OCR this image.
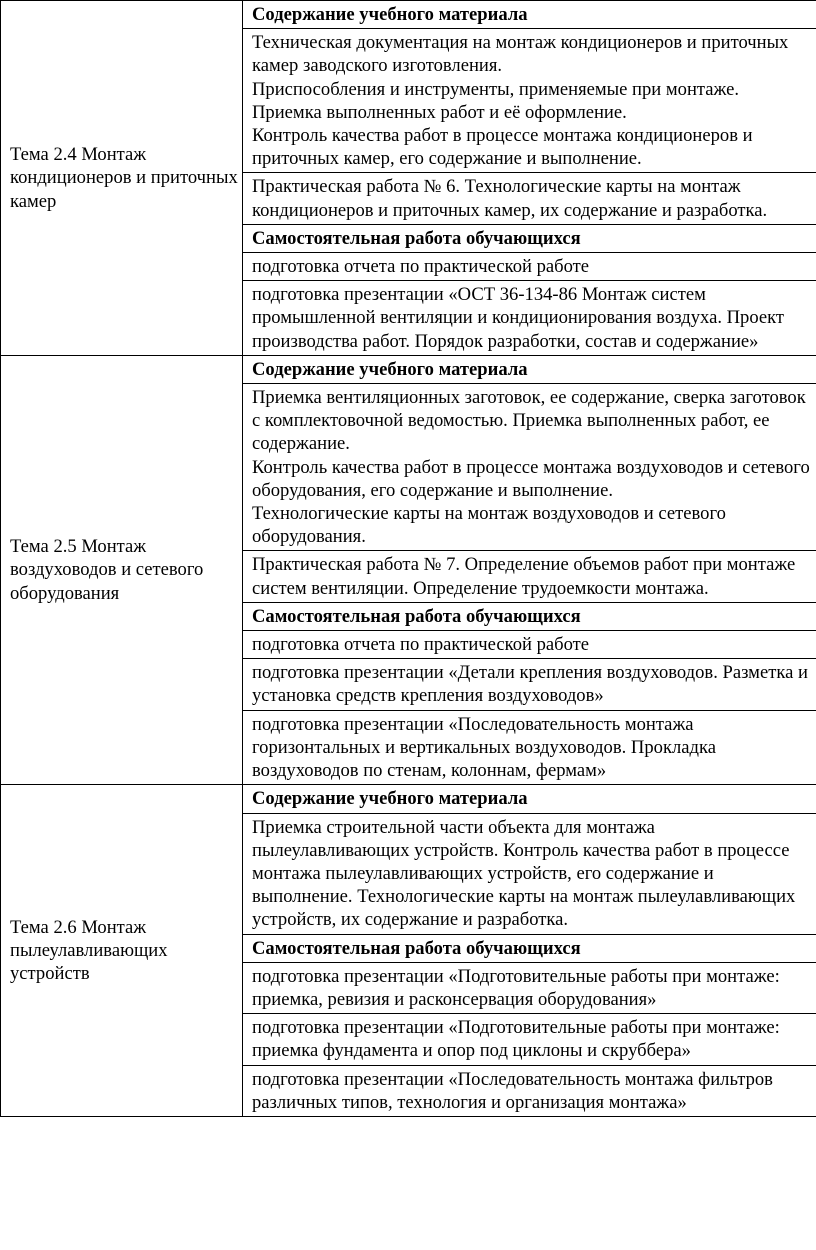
Тема 2.4 Монтаж кондиционеров и приточных камер	Содержание учебного материала
	Техническая документация на монтаж кондиционеров и приточных камер заводского изготовления.
Приспособления и инструменты, применяемые при монтаже.
Приемка выполненных работ и её оформление.
Контроль качества работ в процессе монтажа кондиционеров и приточных камер, его содержание и выполнение.
	Практическая работа № 6. Технологические карты на монтаж кондиционеров и приточных камер, их содержание и разработка.
	Самостоятельная работа обучающихся
	подготовка отчета по практической работе
	подготовка презентации «ОСТ 36-134-86 Монтаж систем промышленной вентиляции и кондиционирования воздуха. Проект производства работ. Порядок разработки, состав и содержание»
Тема 2.5 Монтаж воздуховодов и сетевого оборудования	Содержание учебного материала
	Приемка вентиляционных заготовок, ее содержание, сверка заготовок с комплектовочной ведомостью. Приемка выполненных работ, ее содержание.
Контроль качества работ в процессе монтажа воздуховодов и сетевого оборудования, его содержание и выполнение.
Технологические карты на монтаж воздуховодов и сетевого оборудования.
	Практическая работа № 7. Определение объемов работ при монтаже систем вентиляции. Определение трудоемкости монтажа.
	Самостоятельная работа обучающихся
	подготовка отчета по практической работе
	подготовка презентации «Детали крепления воздуховодов. Разметка и установка средств крепления воздуховодов»
	подготовка презентации «Последовательность монтажа горизонтальных и вертикальных воздуховодов. Прокладка воздуховодов по стенам, колоннам, фермам»
Тема 2.6 Монтаж пылеулавливающих устройств	Содержание учебного материала
	Приемка строительной части объекта для монтажа пылеулавливающих устройств. Контроль качества работ в процессе монтажа пылеулавливающих устройств, его содержание и выполнение. Технологические карты на монтаж пылеулавливающих устройств, их содержание и разработка.
	Самостоятельная работа обучающихся
	подготовка презентации «Подготовительные работы при монтаже: приемка, ревизия и расконсервация оборудования»
	подготовка презентации «Подготовительные работы при монтаже: приемка фундамента и опор под циклоны и скруббера»
	подготовка презентации «Последовательность монтажа фильтров различных типов, технология и организация монтажа»
